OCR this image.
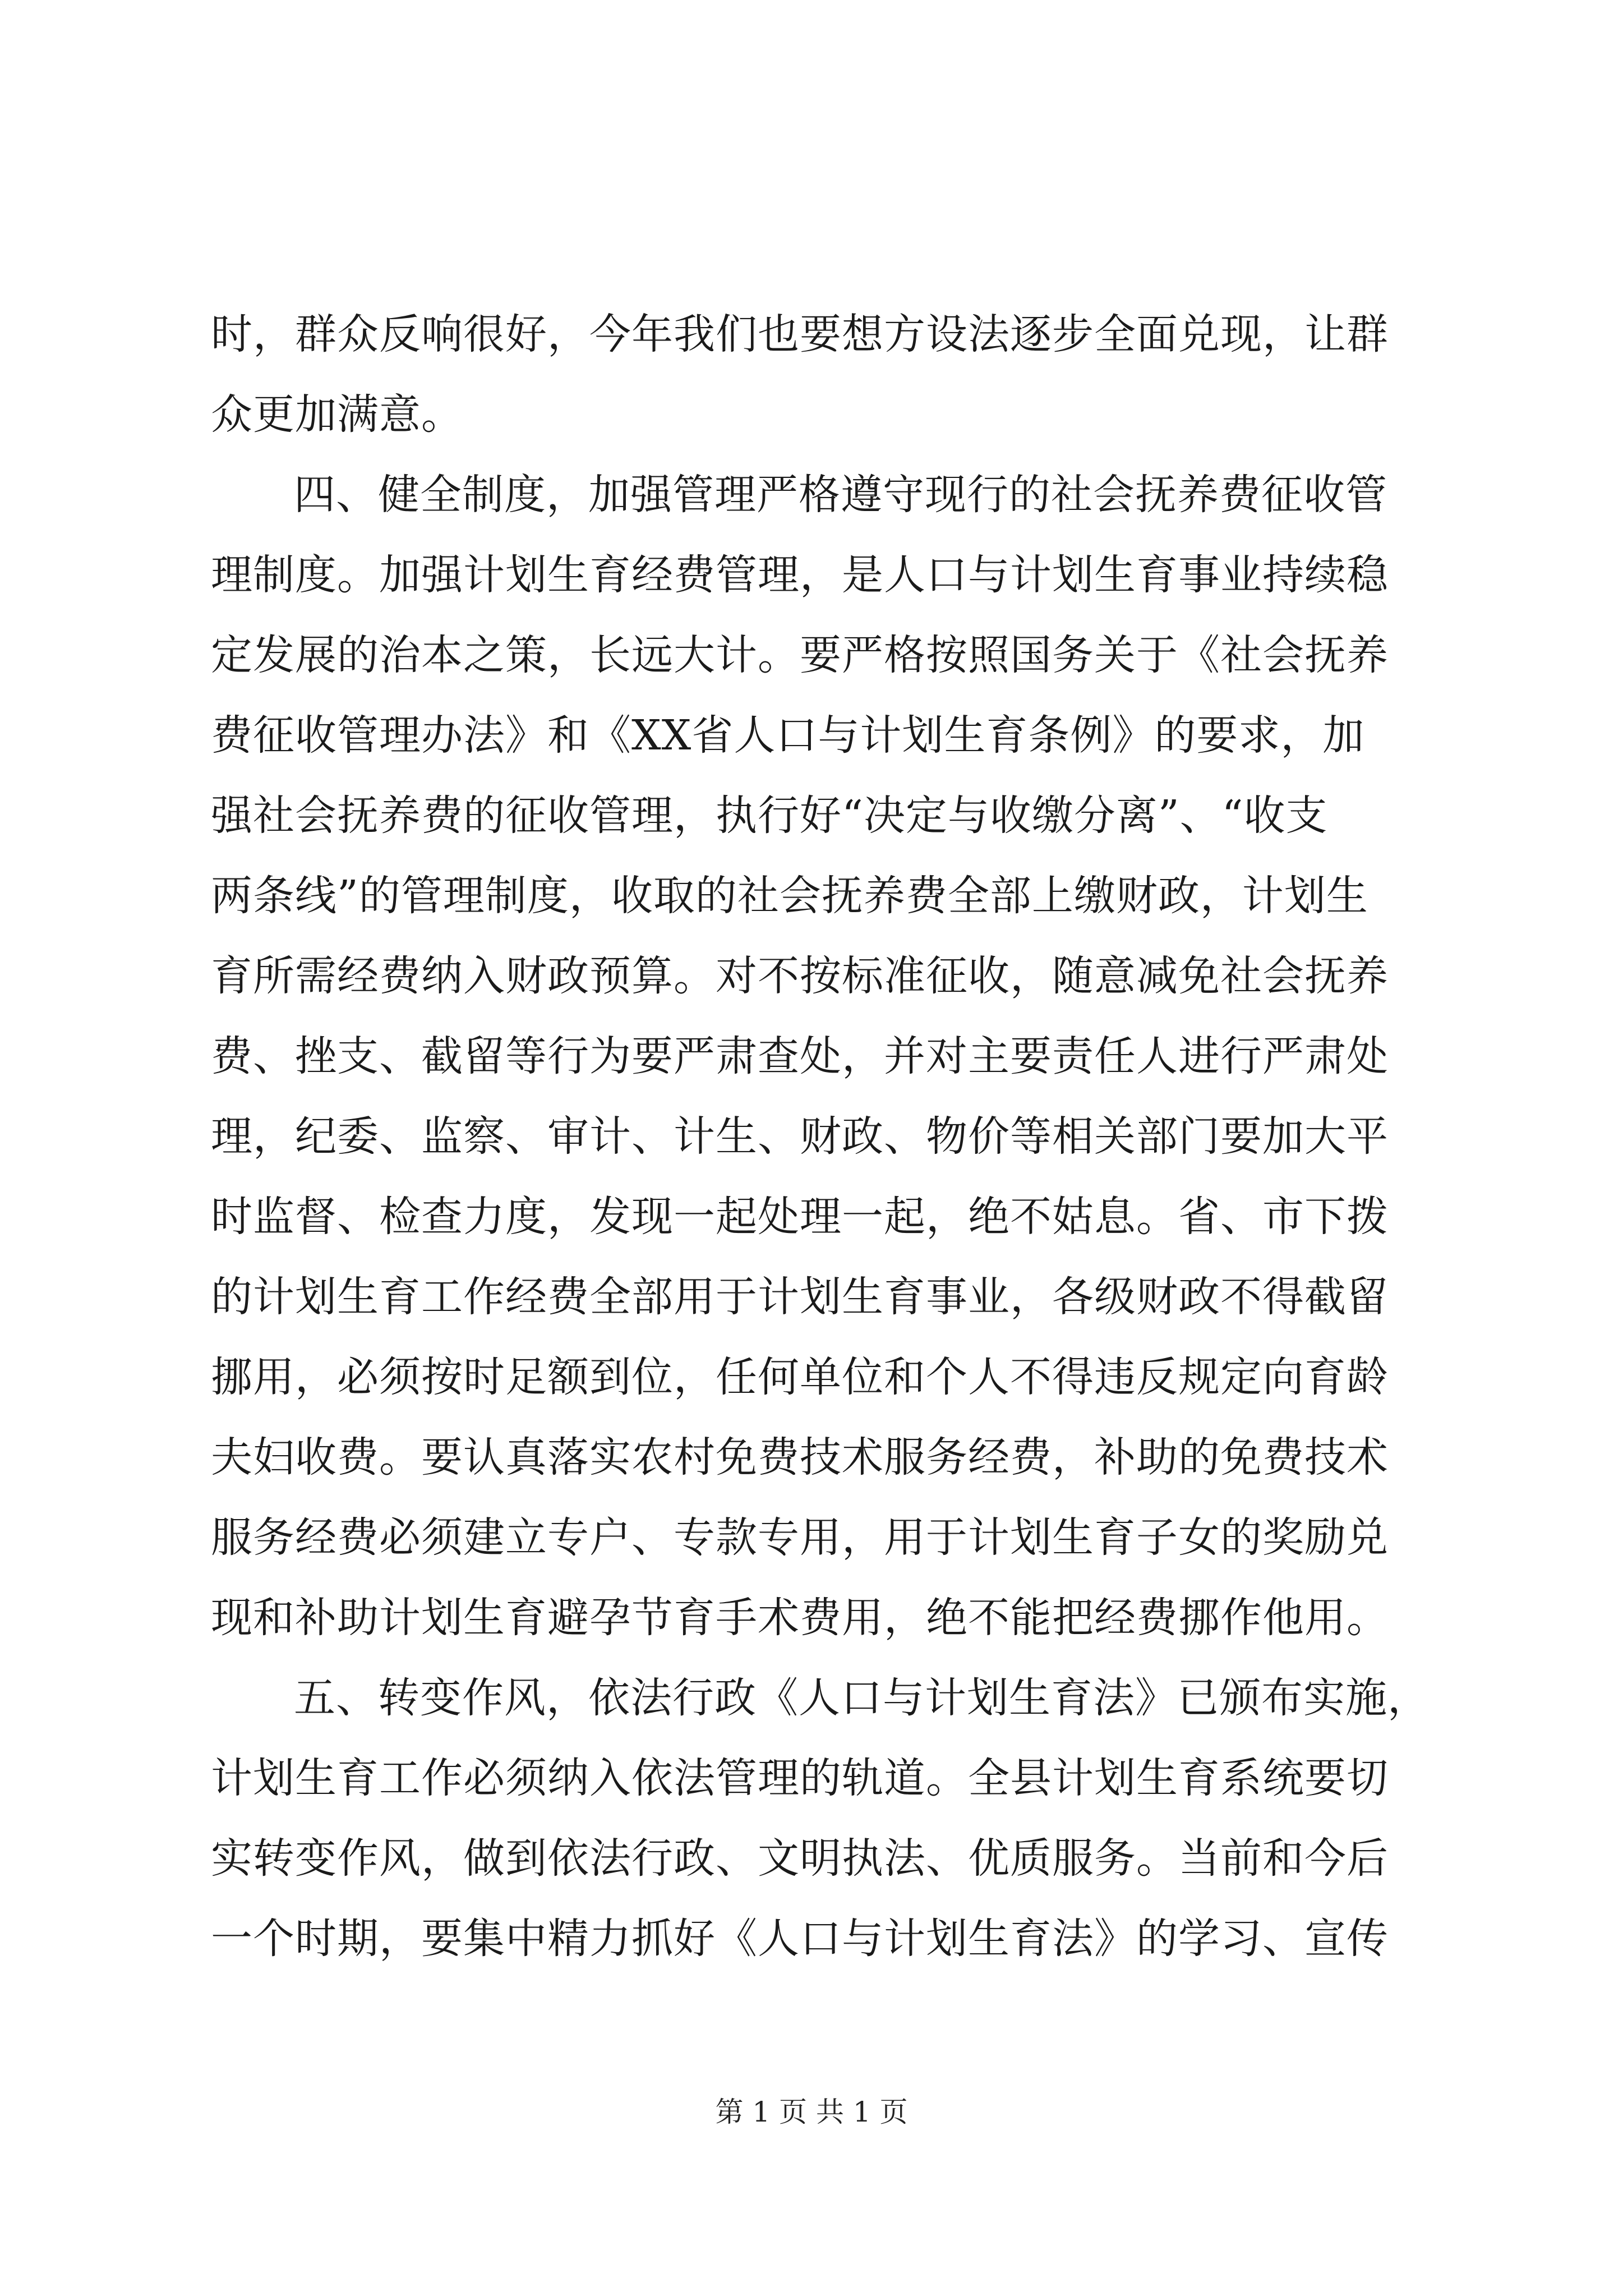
时，群众反响很好，今年我们也要想方设法逐步全面兑现，让群
众更加满意。
四、健全制度，加强管理严格遵守现行的社会抚养费征收管
理制度。加强计划生育经费管理，是人口与计划生育事业持续稳
定发展的治本之策，长远大计。要严格按照国务关于《社会抚养
费征收管理办法》和《XX省人口与计划生育条例》的要求，加
强社会抚养费的征收管理，执行好“决定与收缴分离”、“收支
两条线”的管理制度，收取的社会抚养费全部上缴财政，计划生
育所需经费纳入财政预算。对不按标准征收，随意减免社会抚养
费、挫支、截留等行为要严肃查处，并对主要责任人进行严肃处
理，纪委、监察、审计、计生、财政、物价等相关部门要加大平
时监督、检查力度，发现一起处理一起，绝不姑息。省、市下拨
的计划生育工作经费全部用于计划生育事业，各级财政不得截留
挪用，必须按时足额到位，任何单位和个人不得违反规定向育龄
夫妇收费。要认真落实农村免费技术服务经费，补助的免费技术
服务经费必须建立专户、专款专用，用于计划生育子女的奖励兑
现和补助计划生育避孕节育手术费用，绝不能把经费挪作他用。
五、转变作风，依法行政《人口与计划生育法》已颁布实施，
计划生育工作必须纳入依法管理的轨道。全县计划生育系统要切
实转变作风，做到依法行政、文明执法、优质服务。当前和今后
一个时期，要集中精力抓好《人口与计划生育法》的学习、宣传
第 1 页 共 1 页
